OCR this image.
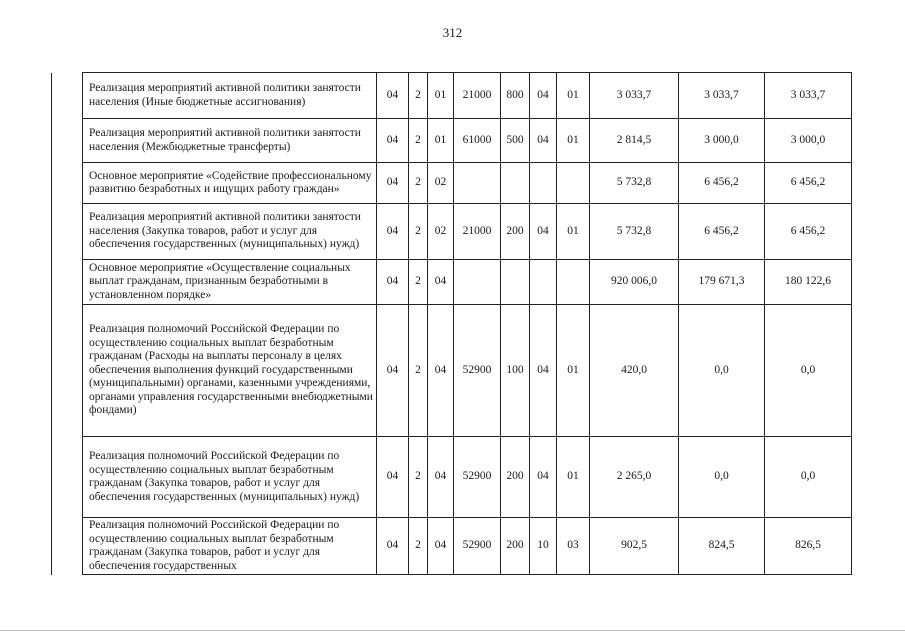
312
	Реализация мероприятий активной политики занятости населения (Иные бюджетные ассигнования)	04	2	01	21000	800	04	01	3 033,7	3 033,7	3 033,7
	Реализация мероприятий активной политики занятости населения (Межбюджетные трансферты)	04	2	01	61000	500	04	01	2 814,5	3 000,0	3 000,0
	Основное мероприятие «Содействие профессиональному развитию безработных и ищущих работу граждан»	04	2	02					5 732,8	6 456,2	6 456,2
	Реализация мероприятий активной политики занятости населения (Закупка товаров, работ и услуг для обеспечения государственных (муниципальных) нужд)	04	2	02	21000	200	04	01	5 732,8	6 456,2	6 456,2
	Основное мероприятие «Осуществление социальных выплат гражданам, признанным безработными в установленном порядке»	04	2	04					920 006,0	179 671,3	180 122,6
	Реализация полномочий Российской Федерации по осуществлению социальных выплат безработным гражданам (Расходы на выплаты персоналу в целях обеспечения выполнения функций государственными (муниципальными) органами, казенными учреждениями, органами управления государственными внебюджетными фондами)	04	2	04	52900	100	04	01	420,0	0,0	0,0
	Реализация полномочий Российской Федерации по осуществлению социальных выплат безработным гражданам (Закупка товаров, работ и услуг для обеспечения государственных (муниципальных) нужд)	04	2	04	52900	200	04	01	2 265,0	0,0	0,0
	Реализация полномочий Российской Федерации по осуществлению социальных выплат безработным гражданам (Закупка товаров, работ и услуг для обеспечения государственных	04	2	04	52900	200	10	03	902,5	824,5	826,5
